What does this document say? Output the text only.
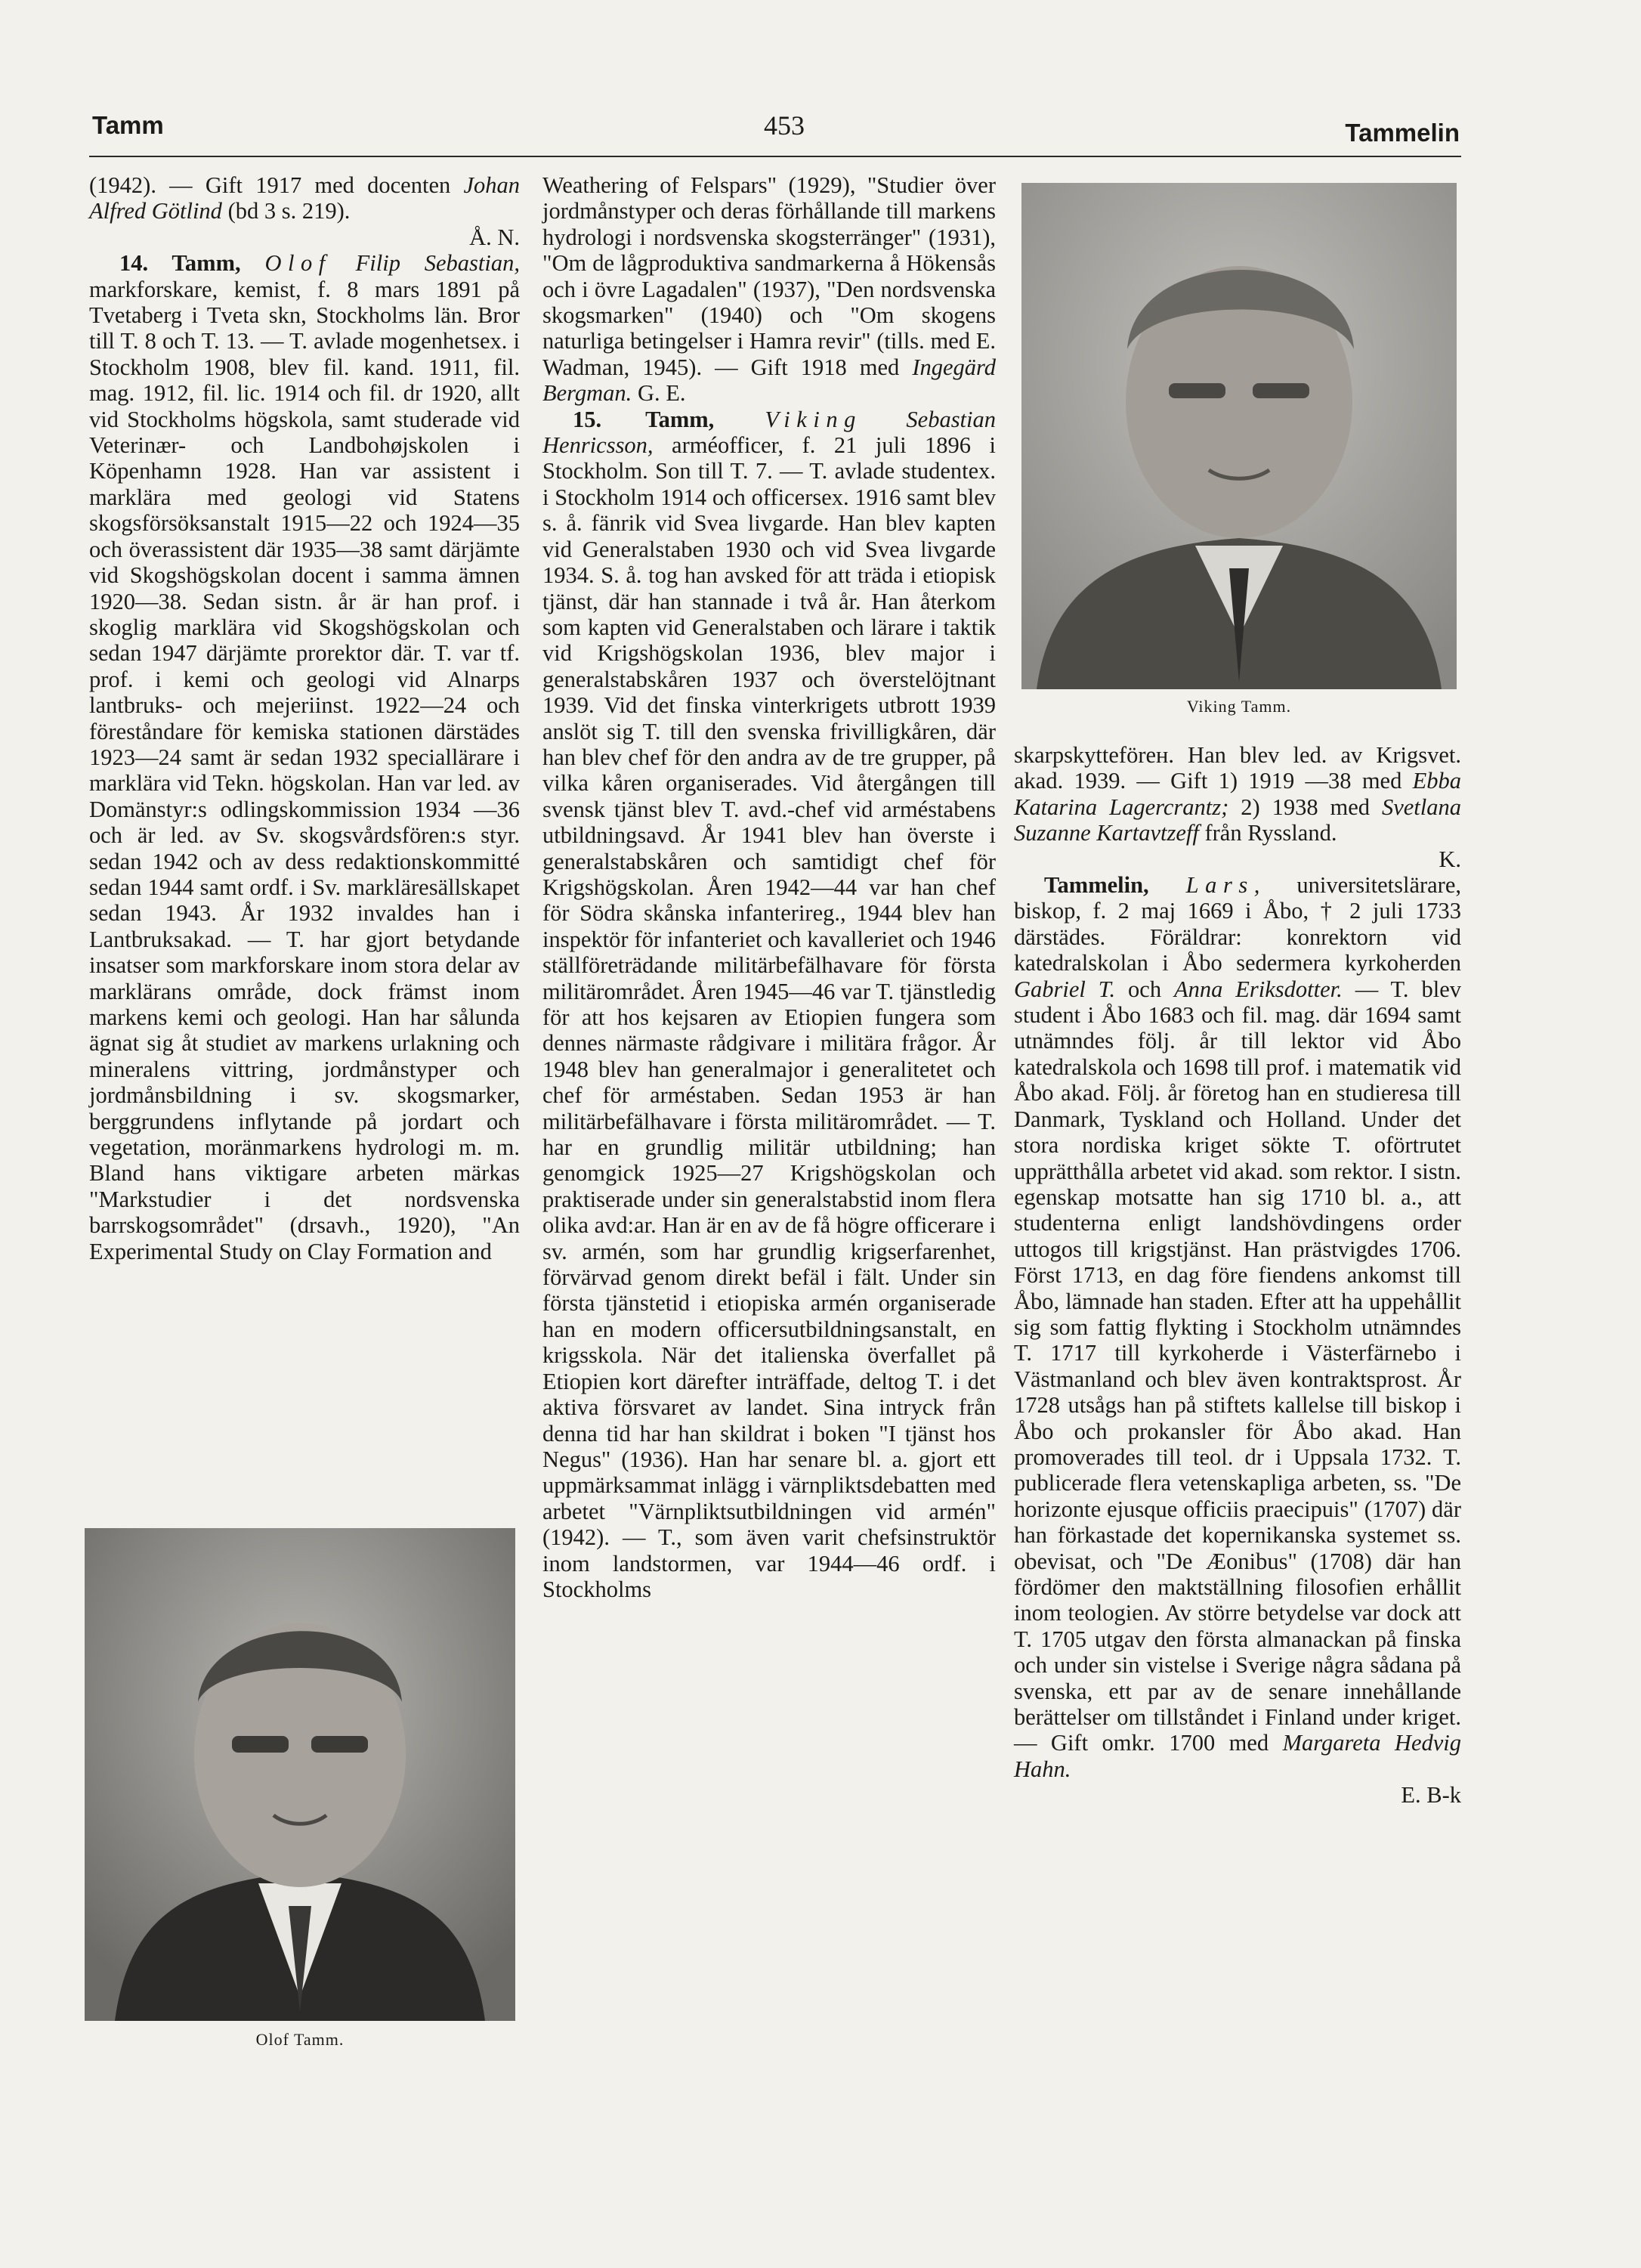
Tamm	453	Tammelin

(1942). — Gift 1917 med docenten Johan Alfred Götlind (bd 3 s. 219).

Å. N.

14. Tamm, Olof Filip Sebastian, markforskare, kemist, f. 8 mars 1891 på Tvetaberg i Tveta skn, Stockholms län. Bror till T. 8 och T. 13. — T. avlade mogenhetsex. i Stockholm 1908, blev fil. kand. 1911, fil. mag. 1912, fil. lic. 1914 och fil. dr 1920, allt vid Stockholms högskola, samt studerade vid Veterinær- och Landbohøjskolen i Köpenhamn 1928. Han var assistent i marklära med geologi vid Statens skogsförsöksanstalt 1915—22 och 1924—35 och överassistent där 1935—38 samt därjämte vid Skogshögskolan docent i samma ämnen 1920—38. Sedan sistn. år är han prof. i skoglig marklära vid Skogshögskolan och sedan 1947 därjämte prorektor där. T. var tf. prof. i kemi och geologi vid Alnarps lantbruks- och mejeriinst. 1922—24 och föreståndare för kemiska stationen därstädes 1923—24 samt är sedan 1932 speciallärare i marklära vid Tekn. högskolan. Han var led. av Domänstyr:s odlingskommission 1934 —36 och är led. av Sv. skogsvårdsfören:s styr. sedan 1942 och av dess redaktionskommitté sedan 1944 samt ordf. i Sv. markläresällskapet sedan 1943. År 1932 invaldes han i Lantbruksakad. — T. har gjort betydande insatser som markforskare inom stora delar av marklärans område, dock främst inom markens kemi och geologi. Han har sålunda ägnat sig åt studiet av markens urlakning och mineralens vittring, jordmånstyper och jordmånsbildning i sv. skogsmarker, berggrundens inflytande på jordart och vegetation, moränmarkens hydrologi m. m. Bland hans viktigare arbeten märkas "Markstudier i det nordsvenska barrskogsområdet" (drsavh., 1920), "An Experimental Study on Clay Formation and

Olof Tamm.

Weathering of Felspars" (1929), "Studier över jordmånstyper och deras förhållande till markens hydrologi i nordsvenska skogsterränger" (1931), "Om de lågproduktiva sandmarkerna å Hökensås och i övre Lagadalen" (1937), "Den nordsvenska skogsmarken" (1940) och "Om skogens naturliga betingelser i Hamra revir" (tills. med E. Wadman, 1945). — Gift 1918 med Ingegärd Bergman. G. E.

15. Tamm, Viking Sebastian Henricsson, arméofficer, f. 21 juli 1896 i Stockholm. Son till T. 7. — T. avlade studentex. i Stockholm 1914 och officersex. 1916 samt blev s. å. fänrik vid Svea livgarde. Han blev kapten vid Generalstaben 1930 och vid Svea livgarde 1934. S. å. tog han avsked för att träda i etiopisk tjänst, där han stannade i två år. Han återkom som kapten vid Generalstaben och lärare i taktik vid Krigshögskolan 1936, blev major i generalstabskåren 1937 och överstelöjtnant 1939. Vid det finska vinterkrigets utbrott 1939 anslöt sig T. till den svenska frivilligkåren, där han blev chef för den andra av de tre grupper, på vilka kåren organiserades. Vid återgången till svensk tjänst blev T. avd.-chef vid arméstabens utbildningsavd. År 1941 blev han överste i generalstabskåren och samtidigt chef för Krigshögskolan. Åren 1942—44 var han chef för Södra skånska infanterireg., 1944 blev han inspektör för infanteriet och kavalleriet och 1946 ställföreträdande militärbefälhavare för första militärområdet. Åren 1945—46 var T. tjänstledig för att hos kejsaren av Etiopien fungera som dennes närmaste rådgivare i militära frågor. År 1948 blev han generalmajor i generalitetet och chef för arméstaben. Sedan 1953 är han militärbefälhavare i första militärområdet. — T. har en grundlig militär utbildning; han genomgick 1925—27 Krigshögskolan och praktiserade under sin generalstabstid inom flera olika avd:ar. Han är en av de få högre officerare i sv. armén, som har grundlig krigserfarenhet, förvärvad genom direkt befäl i fält. Under sin första tjänstetid i etiopiska armén organiserade han en modern officersutbildningsanstalt, en krigsskola. När det italienska överfallet på Etiopien kort därefter inträffade, deltog T. i det aktiva försvaret av landet. Sina intryck från denna tid har han skildrat i boken "I tjänst hos Negus" (1936). Han har senare bl. a. gjort ett uppmärksammat inlägg i värnpliktsdebatten med arbetet "Värnpliktsutbildningen vid armén" (1942). — T., som även varit chefsinstruktör inom landstormen, var 1944—46 ordf. i Stockholms

Viking Tamm.

skarpskytteförен. Han blev led. av Krigsvet. akad. 1939. — Gift 1) 1919 —38 med Ebba Katarina Lagercrantz; 2) 1938 med Svetlana Suzanne Kartavtzeff från Ryssland.

K.

Tammelin, Lars, universitetslärare, biskop, f. 2 maj 1669 i Åbo, † 2 juli 1733 därstädes. Föräldrar: konrektorn vid katedralskolan i Åbo sedermera kyrkoherden Gabriel T. och Anna Eriksdotter. — T. blev student i Åbo 1683 och fil. mag. där 1694 samt utnämndes följ. år till lektor vid Åbo katedralskola och 1698 till prof. i matematik vid Åbo akad. Följ. år företog han en studieresa till Danmark, Tyskland och Holland. Under det stora nordiska kriget sökte T. oförtrutet upprätthålla arbetet vid akad. som rektor. I sistn. egenskap motsatte han sig 1710 bl. a., att studenterna enligt landshövdingens order uttogos till krigstjänst. Han prästvigdes 1706. Först 1713, en dag före fiendens ankomst till Åbo, lämnade han staden. Efter att ha uppehållit sig som fattig flykting i Stockholm utnämndes T. 1717 till kyrkoherde i Västerfärnebo i Västmanland och blev även kontraktsprost. År 1728 utsågs han på stiftets kallelse till biskop i Åbo och prokansler för Åbo akad. Han promoverades till teol. dr i Uppsala 1732. T. publicerade flera vetenskapliga arbeten, ss. "De horizonte ejusque officiis praecipuis" (1707) där han förkastade det kopernikanska systemet ss. obevisat, och "De Æonibus" (1708) där han fördömer den maktställning filosofien erhållit inom teologien. Av större betydelse var dock att T. 1705 utgav den första almanackan på finska och under sin vistelse i Sverige några sådana på svenska, ett par av de senare innehållande berättelser om tillståndet i Finland under kriget. — Gift omkr. 1700 med Margareta Hedvig Hahn.

E. B-k
